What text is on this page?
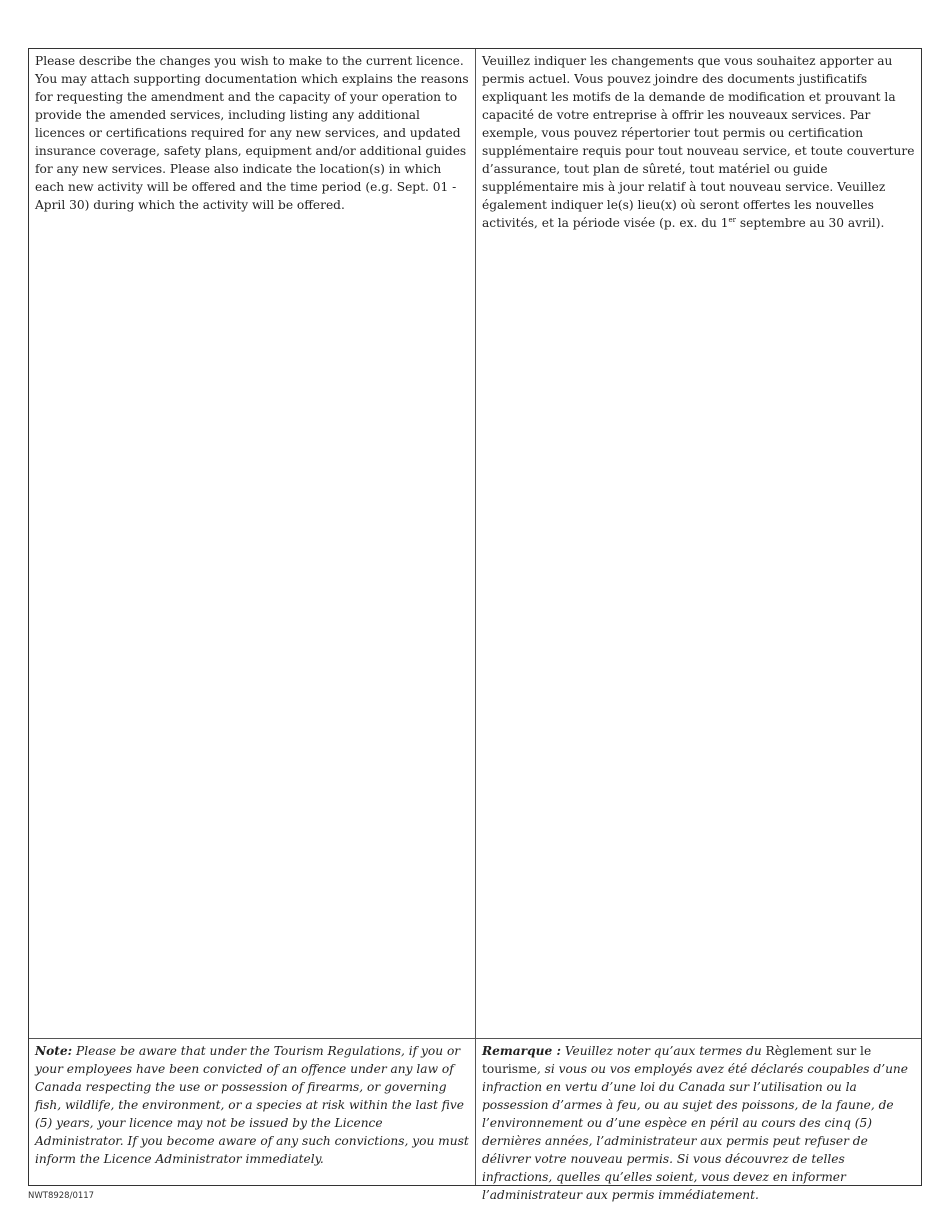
Please describe the changes you wish to make to the current licence. You may attach supporting documentation which explains the reasons for requesting the amendment and the capacity of your operation to provide the amended services, including listing any additional licences or certifications required for any new services, and updated insurance coverage, safety plans, equipment and/or additional guides for any new services. Please also indicate the location(s) in which each new activity will be offered and the time period (e.g. Sept. 01 - April 30) during which the activity will be offered.

Veuillez indiquer les changements que vous souhaitez apporter au permis actuel. Vous pouvez joindre des documents justificatifs expliquant les motifs de la demande de modification et prouvant la capacité de votre entreprise à offrir les nouveaux services. Par exemple, vous pouvez répertorier tout permis ou certification supplémentaire requis pour tout nouveau service, et toute couverture d’assurance, tout plan de sûreté, tout matériel ou guide supplémentaire mis à jour relatif à tout nouveau service. Veuillez également indiquer le(s) lieu(x) où seront offertes les nouvelles activités, et la période visée (p. ex. du 1er septembre au 30 avril).

Note: Please be aware that under the Tourism Regulations, if you or your employees have been convicted of an offence under any law of Canada respecting the use or possession of firearms, or governing fish, wildlife, the environment, or a species at risk within the last five (5) years, your licence may not be issued by the Licence Administrator. If you become aware of any such convictions, you must inform the Licence Administrator immediately.

Remarque : Veuillez noter qu’aux termes du Règlement sur le tourisme, si vous ou vos employés avez été déclarés coupables d’une infraction en vertu d’une loi du Canada sur l’utilisation ou la possession d’armes à feu, ou au sujet des poissons, de la faune, de l’environnement ou d’une espèce en péril au cours des cinq (5) dernières années, l’administrateur aux permis peut refuser de délivrer votre nouveau permis. Si vous découvrez de telles infractions, quelles qu’elles soient, vous devez en informer l’administrateur aux permis immédiatement.

NWT8928/0117
